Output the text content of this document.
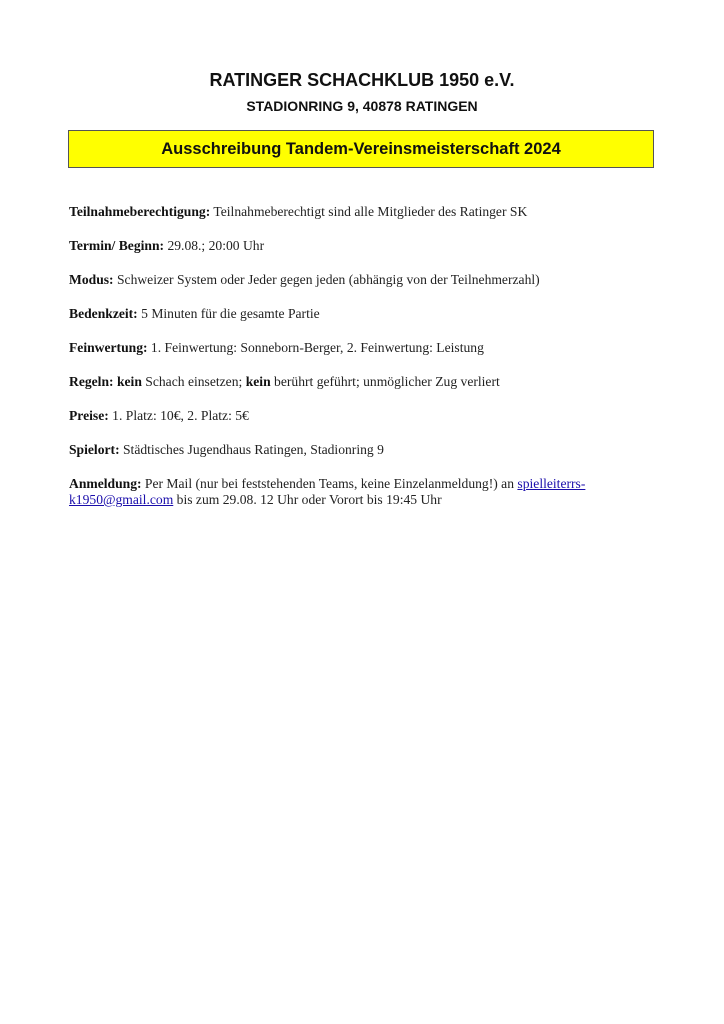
RATINGER SCHACHKLUB 1950 e.V.
STADIONRING 9, 40878 RATINGEN
Ausschreibung Tandem-Vereinsmeisterschaft 2024

Teilnahmeberechtigung: Teilnahmeberechtigt sind alle Mitglieder des Ratinger SK

Termin/ Beginn: 29.08.; 20:00 Uhr

Modus: Schweizer System oder Jeder gegen jeden (abhängig von der Teilnehmerzahl)

Bedenkzeit: 5 Minuten für die gesamte Partie

Feinwertung: 1. Feinwertung: Sonneborn-Berger, 2. Feinwertung: Leistung

Regeln: kein Schach einsetzen; kein berührt geführt; unmöglicher Zug verliert

Preise: 1. Platz: 10€, 2. Platz: 5€

Spielort: Städtisches Jugendhaus Ratingen, Stadionring 9

Anmeldung: Per Mail (nur bei feststehenden Teams, keine Einzelanmeldung!) an spielleiterrs-
k1950@gmail.com bis zum 29.08. 12 Uhr oder Vorort bis 19:45 Uhr
